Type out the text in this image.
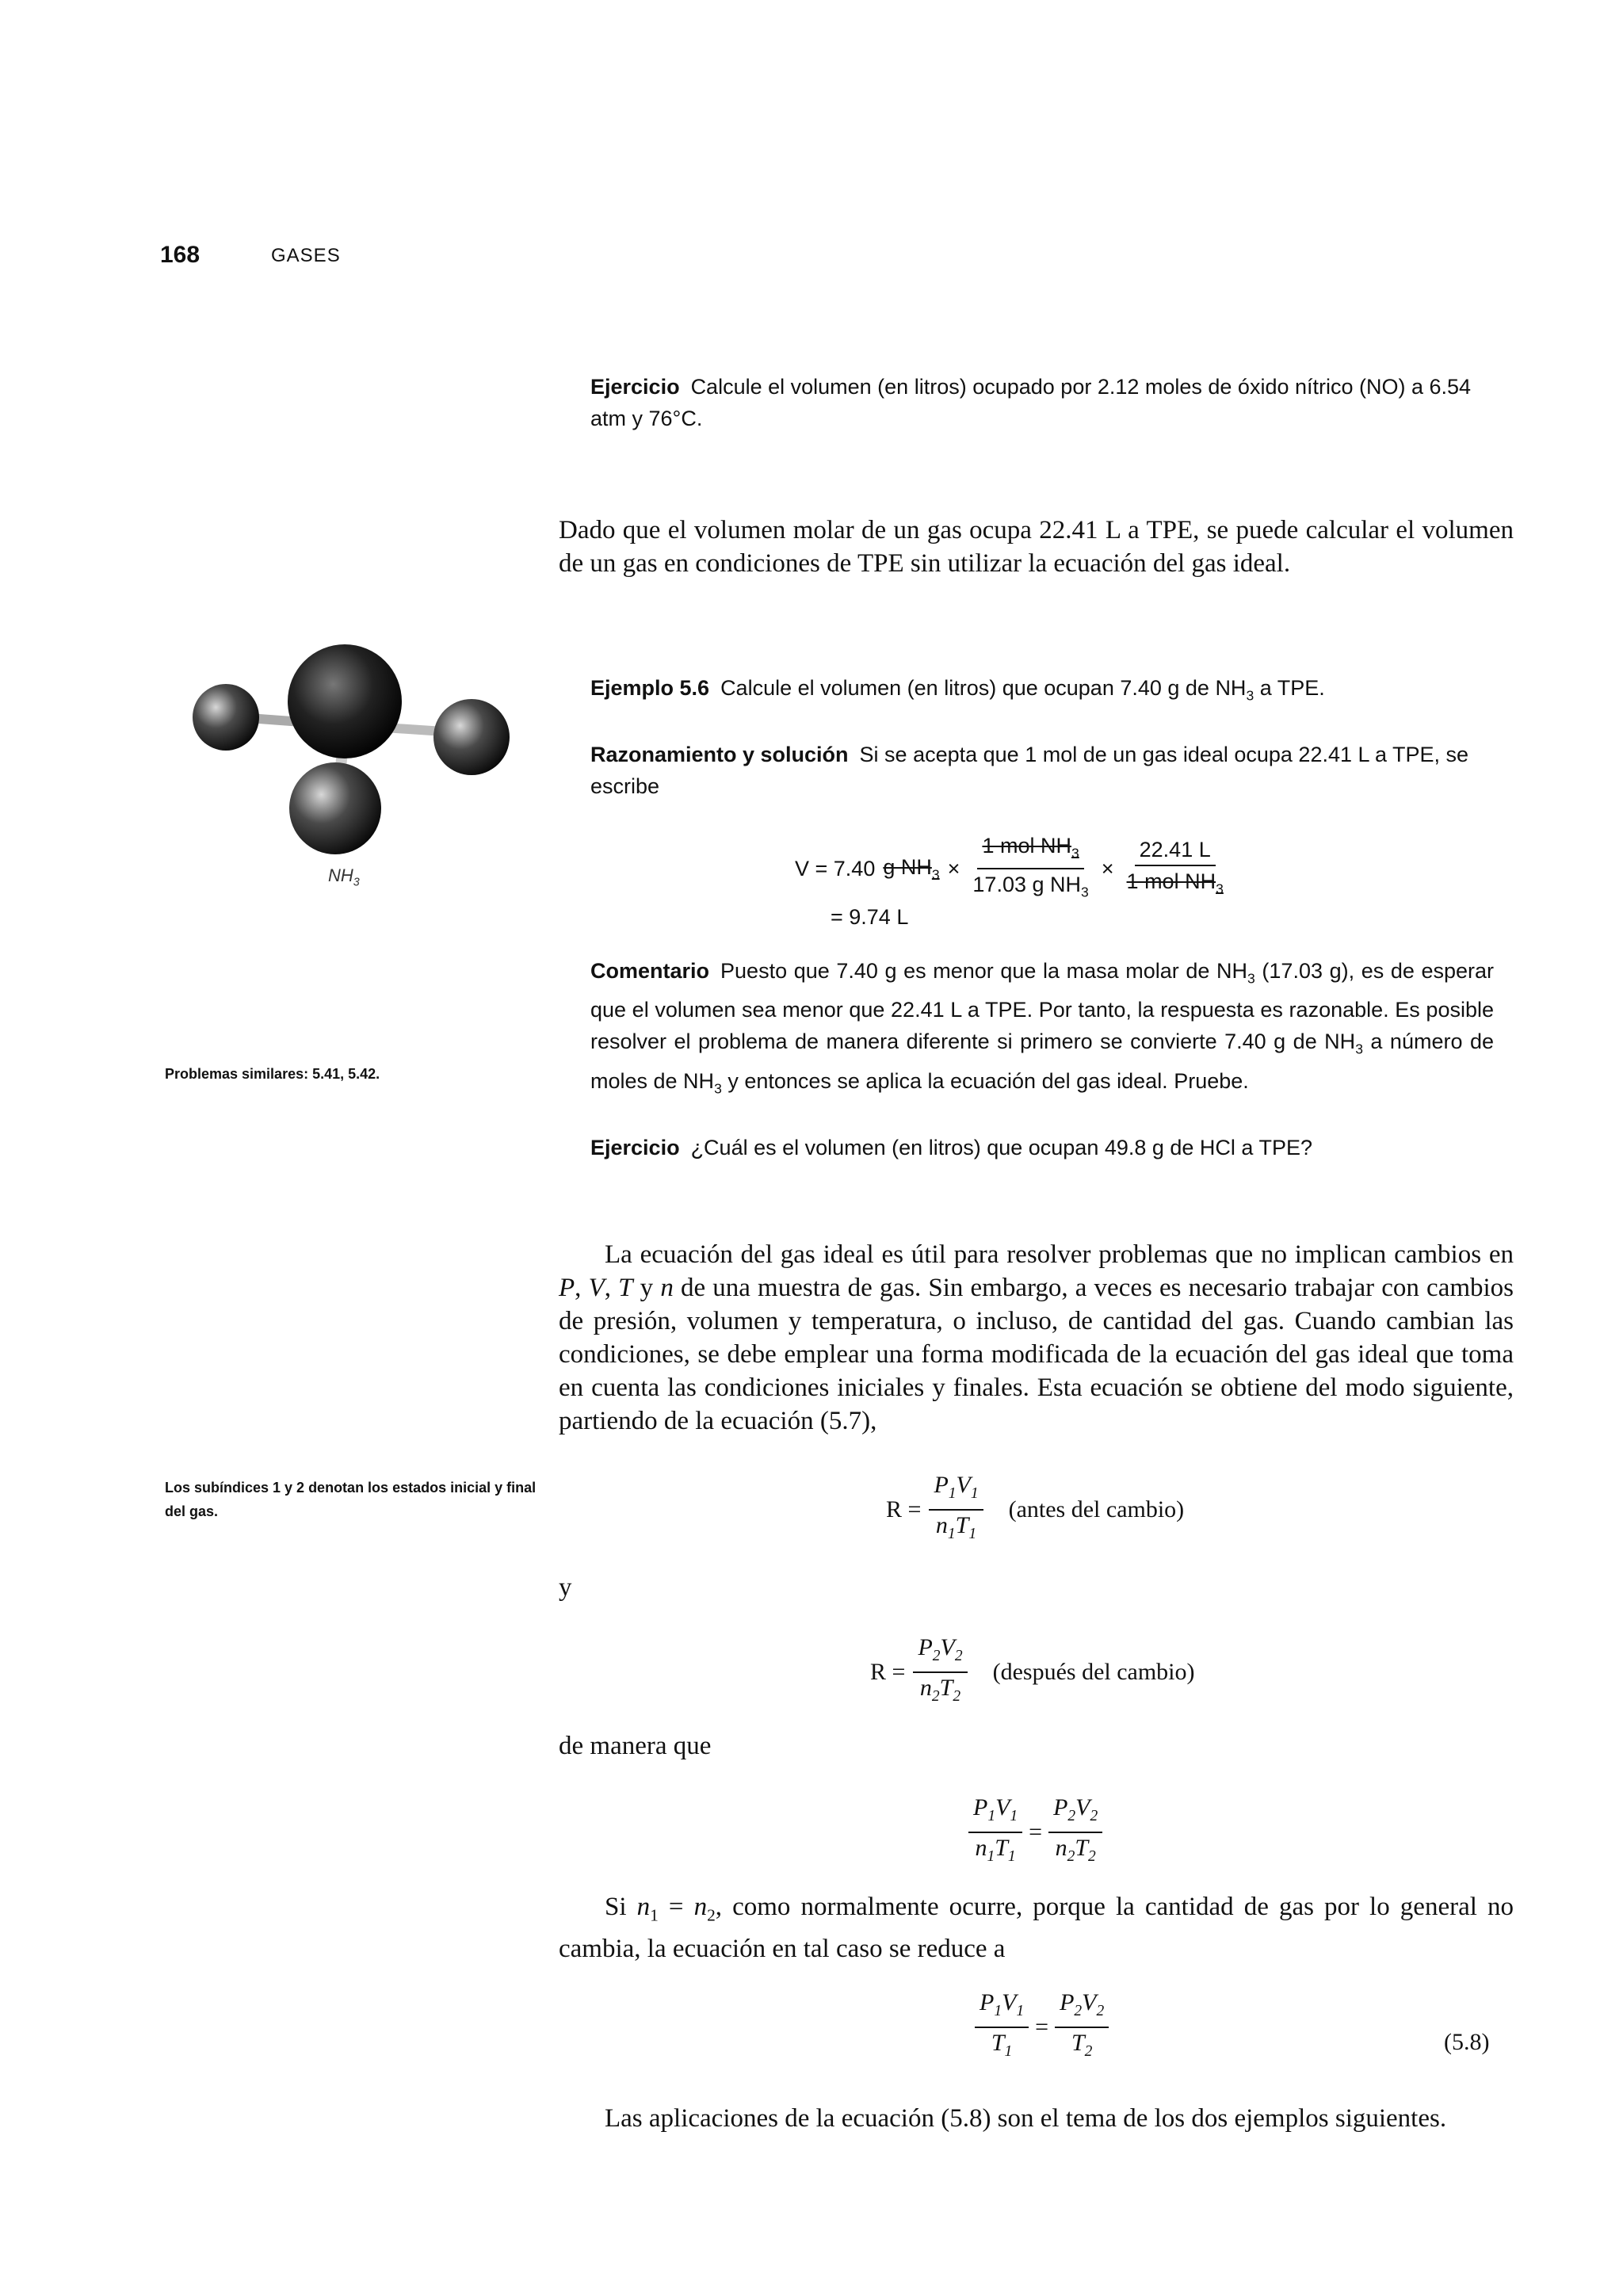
168	GASES
Ejercicio Calcule el volumen (en litros) ocupado por 2.12 moles de óxido nítrico (NO) a 6.54 atm y 76°C.
Dado que el volumen molar de un gas ocupa 22.41 L a TPE, se puede calcular el volumen de un gas en condiciones de TPE sin utilizar la ecuación del gas ideal.
$NH_3$
Ejemplo 5.6 Calcule el volumen (en litros) que ocupan 7.40 g de $NH_3$ a TPE.
Razonamiento y solución Si se acepta que 1 mol de un gas ideal ocupa 22.41 L a TPE, se escribe
V = 7.40 g $NH_3 \times \frac{1 mol NH_3}{17.03 g NH_3} \times \frac{22.41 L}{1 mol NH_3}$
= 9.74 L
Comentario Puesto que 7.40 g es menor que la masa molar de $NH_3$ (17.03 g), es de esperar que el volumen sea menor que 22.41 L a TPE. Por tanto, la respuesta es razonable. Es posible resolver el problema de manera diferente si primero se convierte 7.40 g de $NH_3$ a número de moles de $NH_3$ y entonces se aplica la ecuación del gas ideal. Pruebe.
Problemas similares: 5.41, 5.42.
Ejercicio ¿Cuál es el volumen (en litros) que ocupan 49.8 g de HCl a TPE?
La ecuación del gas ideal es útil para resolver problemas que no implican cambios en P, V, T y n de una muestra de gas. Sin embargo, a veces es necesario trabajar con cambios de presión, volumen y temperatura, o incluso, de cantidad del gas. Cuando cambian las condiciones, se debe emplear una forma modificada de la ecuación del gas ideal que toma en cuenta las condiciones iniciales y finales. Esta ecuación se obtiene del modo siguiente, partiendo de la ecuación (5.7),
Los subíndices 1 y 2 denotan los estados inicial y final del gas.	$R = \frac{P_1V_1}{n_1T_1}$ (antes del cambio)
y
$R = \frac{P_2V_2}{n_2T_2}$ (después del cambio)
de manera que
$\frac{P_1V_1}{n_1T_1} = \frac{P_2V_2}{n_2T_2}$
Si $n_1 = n_2$, como normalmente ocurre, porque la cantidad de gas por lo general no cambia, la ecuación en tal caso se reduce a
$\frac{P_1V_1}{T_1} = \frac{P_2V_2}{T_2}$	(5.8)
Las aplicaciones de la ecuación (5.8) son el tema de los dos ejemplos siguientes.
